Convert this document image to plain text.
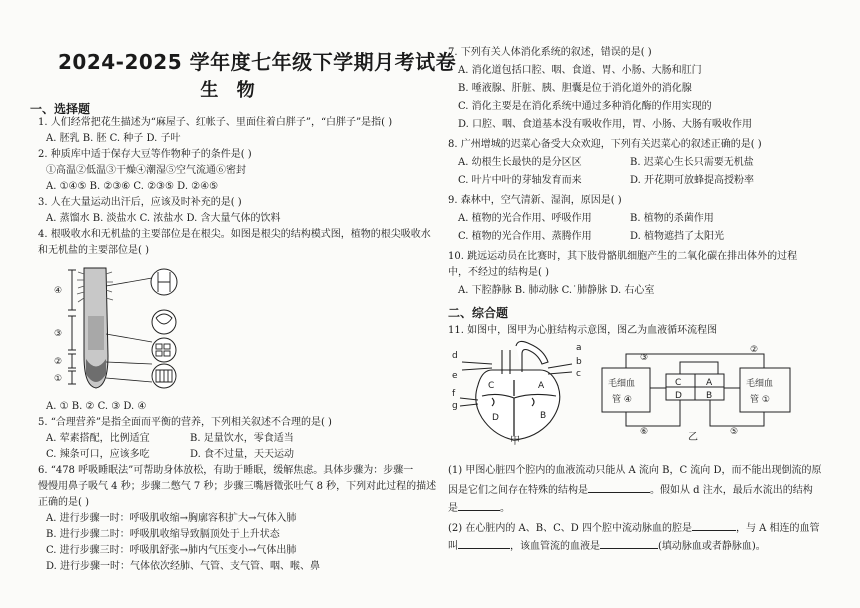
2024-2025 学年度七年级下学期月考试卷
生 物
一、选择题
1. 人们经常把花生描述为“麻屋子、红帐子、里面住着白胖子”，“白胖子”是指( )
A. 胚乳 B. 胚 C. 种子 D. 子叶
2. 种质库中适于保存大豆等作物种子的条件是( )
①高温②低温③干燥④潮湿⑤空气流通⑥密封
A. ①④⑤ B. ②③⑥ C. ②③⑤ D. ②④⑤
3. 人在大量运动出汗后，应该及时补充的是( )
A. 蒸馏水 B. 淡盐水 C. 浓盐水 D. 含大量气体的饮料
4. 根吸收水和无机盐的主要部位是在根尖。如图是根尖的结构模式图，植物的根尖吸收水
和无机盐的主要部位是( )
④
③
②
①
A. ① B. ② C. ③ D. ④
5. “合理营养”是指全面而平衡的营养，下列相关叙述不合理的是( )
A. 荤素搭配，比例适宜	B. 足量饮水，零食适当
C. 辣条可口，应该多吃	D. 食不过量，天天运动
6. “478 呼吸睡眠法”可帮助身体放松，有助于睡眠，缓解焦虑。具体步骤为：步骤一
慢慢用鼻子吸气 4 秒；步骤二憋气 7 秒；步骤三嘴唇微张吐气 8 秒，下列对此过程的描述
正确的是( )
A. 进行步骤一时：呼吸肌收缩→胸廓容积扩大→气体入肺
B. 进行步骤二时：呼吸肌收缩导致膈顶处于上升状态
C. 进行步骤三时：呼吸肌舒张→肺内气压变小→气体出肺
D. 进行步骤一时：气体依次经肺、气管、支气管、咽、喉、鼻
7. 下列有关人体消化系统的叙述，错误的是( )
A. 消化道包括口腔、咽、食道、胃、小肠、大肠和肛门
B. 唾液腺、肝脏、胰、胆囊是位于消化道外的消化腺
C. 消化主要是在消化系统中通过多种消化酶的作用实现的
D. 口腔、咽、食道基本没有吸收作用，胃、小肠、大肠有吸收作用
8. 广州增城的迟菜心备受大众欢迎，下列有关迟菜心的叙述正确的是( )
A. 幼根生长最快的是分区区	B. 迟菜心生长只需要无机盐
C. 叶片中叶的芽轴发育而来	D. 开花期可放蜂提高授粉率
9. 森林中，空气清新、湿润，原因是( )
A. 植物的光合作用、呼吸作用	B. 植物的杀菌作用
C. 植物的光合作用、蒸腾作用	D. 植物遮挡了太阳光
10. 跳远运动员在比赛时，其下肢骨骼肌细胞产生的二氧化碳在排出体外的过程
中，不经过的结构是( )
A. 下腔静脉 B. 肺动脉 C.˙肺静脉 D. 右心室
二、综合题
11. 如图中，图甲为心脏结构示意图，图乙为血液循环流程图
d
e
f
g
a
b
c
A
B
C
D
甲
毛细血
管 ④
毛细血
管 ①
C
D
A
B
②
③
⑤
⑥	乙
(1) 甲图心脏四个腔内的血液流动只能从 A 流向 B，C 流向 D，而不能出现倒流的原
因是它们之间存在特殊的结构是	。假如从 d 注水，最后水流出的结构
是	。
(2) 在心脏内的 A、B、C、D 四个腔中流动脉血的腔是	，与 A 相连的血管
叫	，该血管流的血液是	(填动脉血或者静脉血)。
